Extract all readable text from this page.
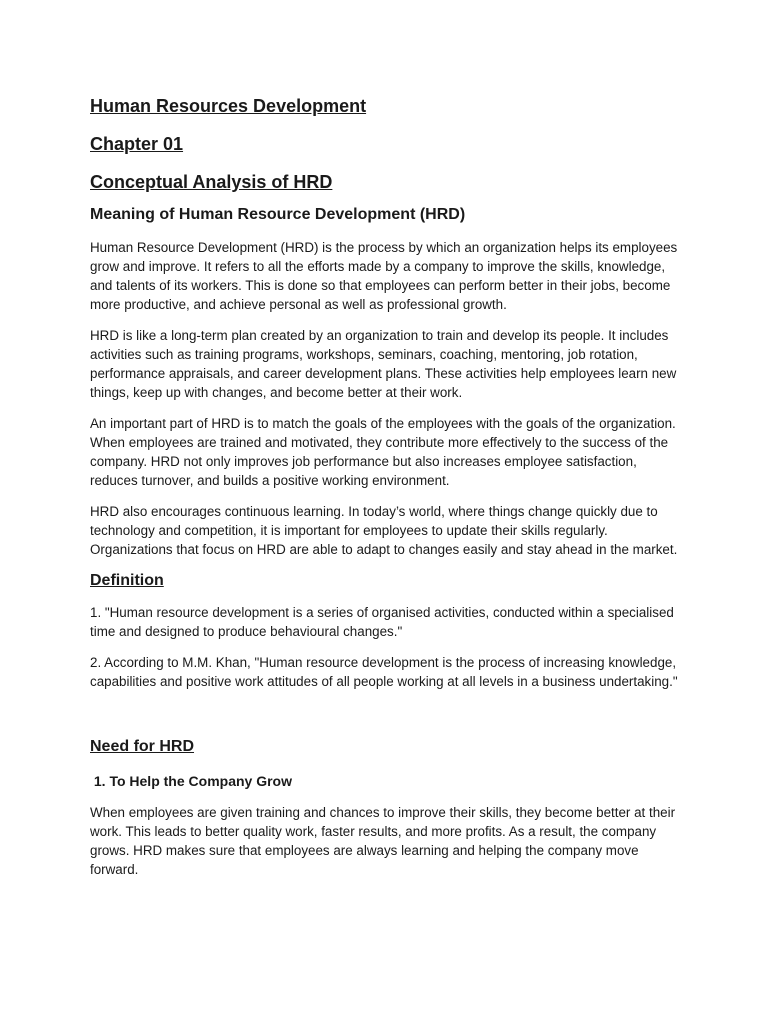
Human Resources Development
Chapter 01
Conceptual Analysis of HRD
Meaning of Human Resource Development (HRD)

Human Resource Development (HRD) is the process by which an organization helps its employees grow and improve. It refers to all the efforts made by a company to improve the skills, knowledge, and talents of its workers. This is done so that employees can perform better in their jobs, become more productive, and achieve personal as well as professional growth.

HRD is like a long-term plan created by an organization to train and develop its people. It includes activities such as training programs, workshops, seminars, coaching, mentoring, job rotation, performance appraisals, and career development plans. These activities help employees learn new things, keep up with changes, and become better at their work.

An important part of HRD is to match the goals of the employees with the goals of the organization. When employees are trained and motivated, they contribute more effectively to the success of the company. HRD not only improves job performance but also increases employee satisfaction, reduces turnover, and builds a positive working environment.

HRD also encourages continuous learning. In today’s world, where things change quickly due to technology and competition, it is important for employees to update their skills regularly. Organizations that focus on HRD are able to adapt to changes easily and stay ahead in the market.

Definition

1. "Human resource development is a series of organised activities, conducted within a specialised time and designed to produce behavioural changes."

2. According to M.M. Khan, "Human resource development is the process of increasing knowledge, capabilities and positive work attitudes of all people working at all levels in a business undertaking."

Need for HRD
1. To Help the Company Grow

When employees are given training and chances to improve their skills, they become better at their work. This leads to better quality work, faster results, and more profits. As a result, the company grows. HRD makes sure that employees are always learning and helping the company move forward.
